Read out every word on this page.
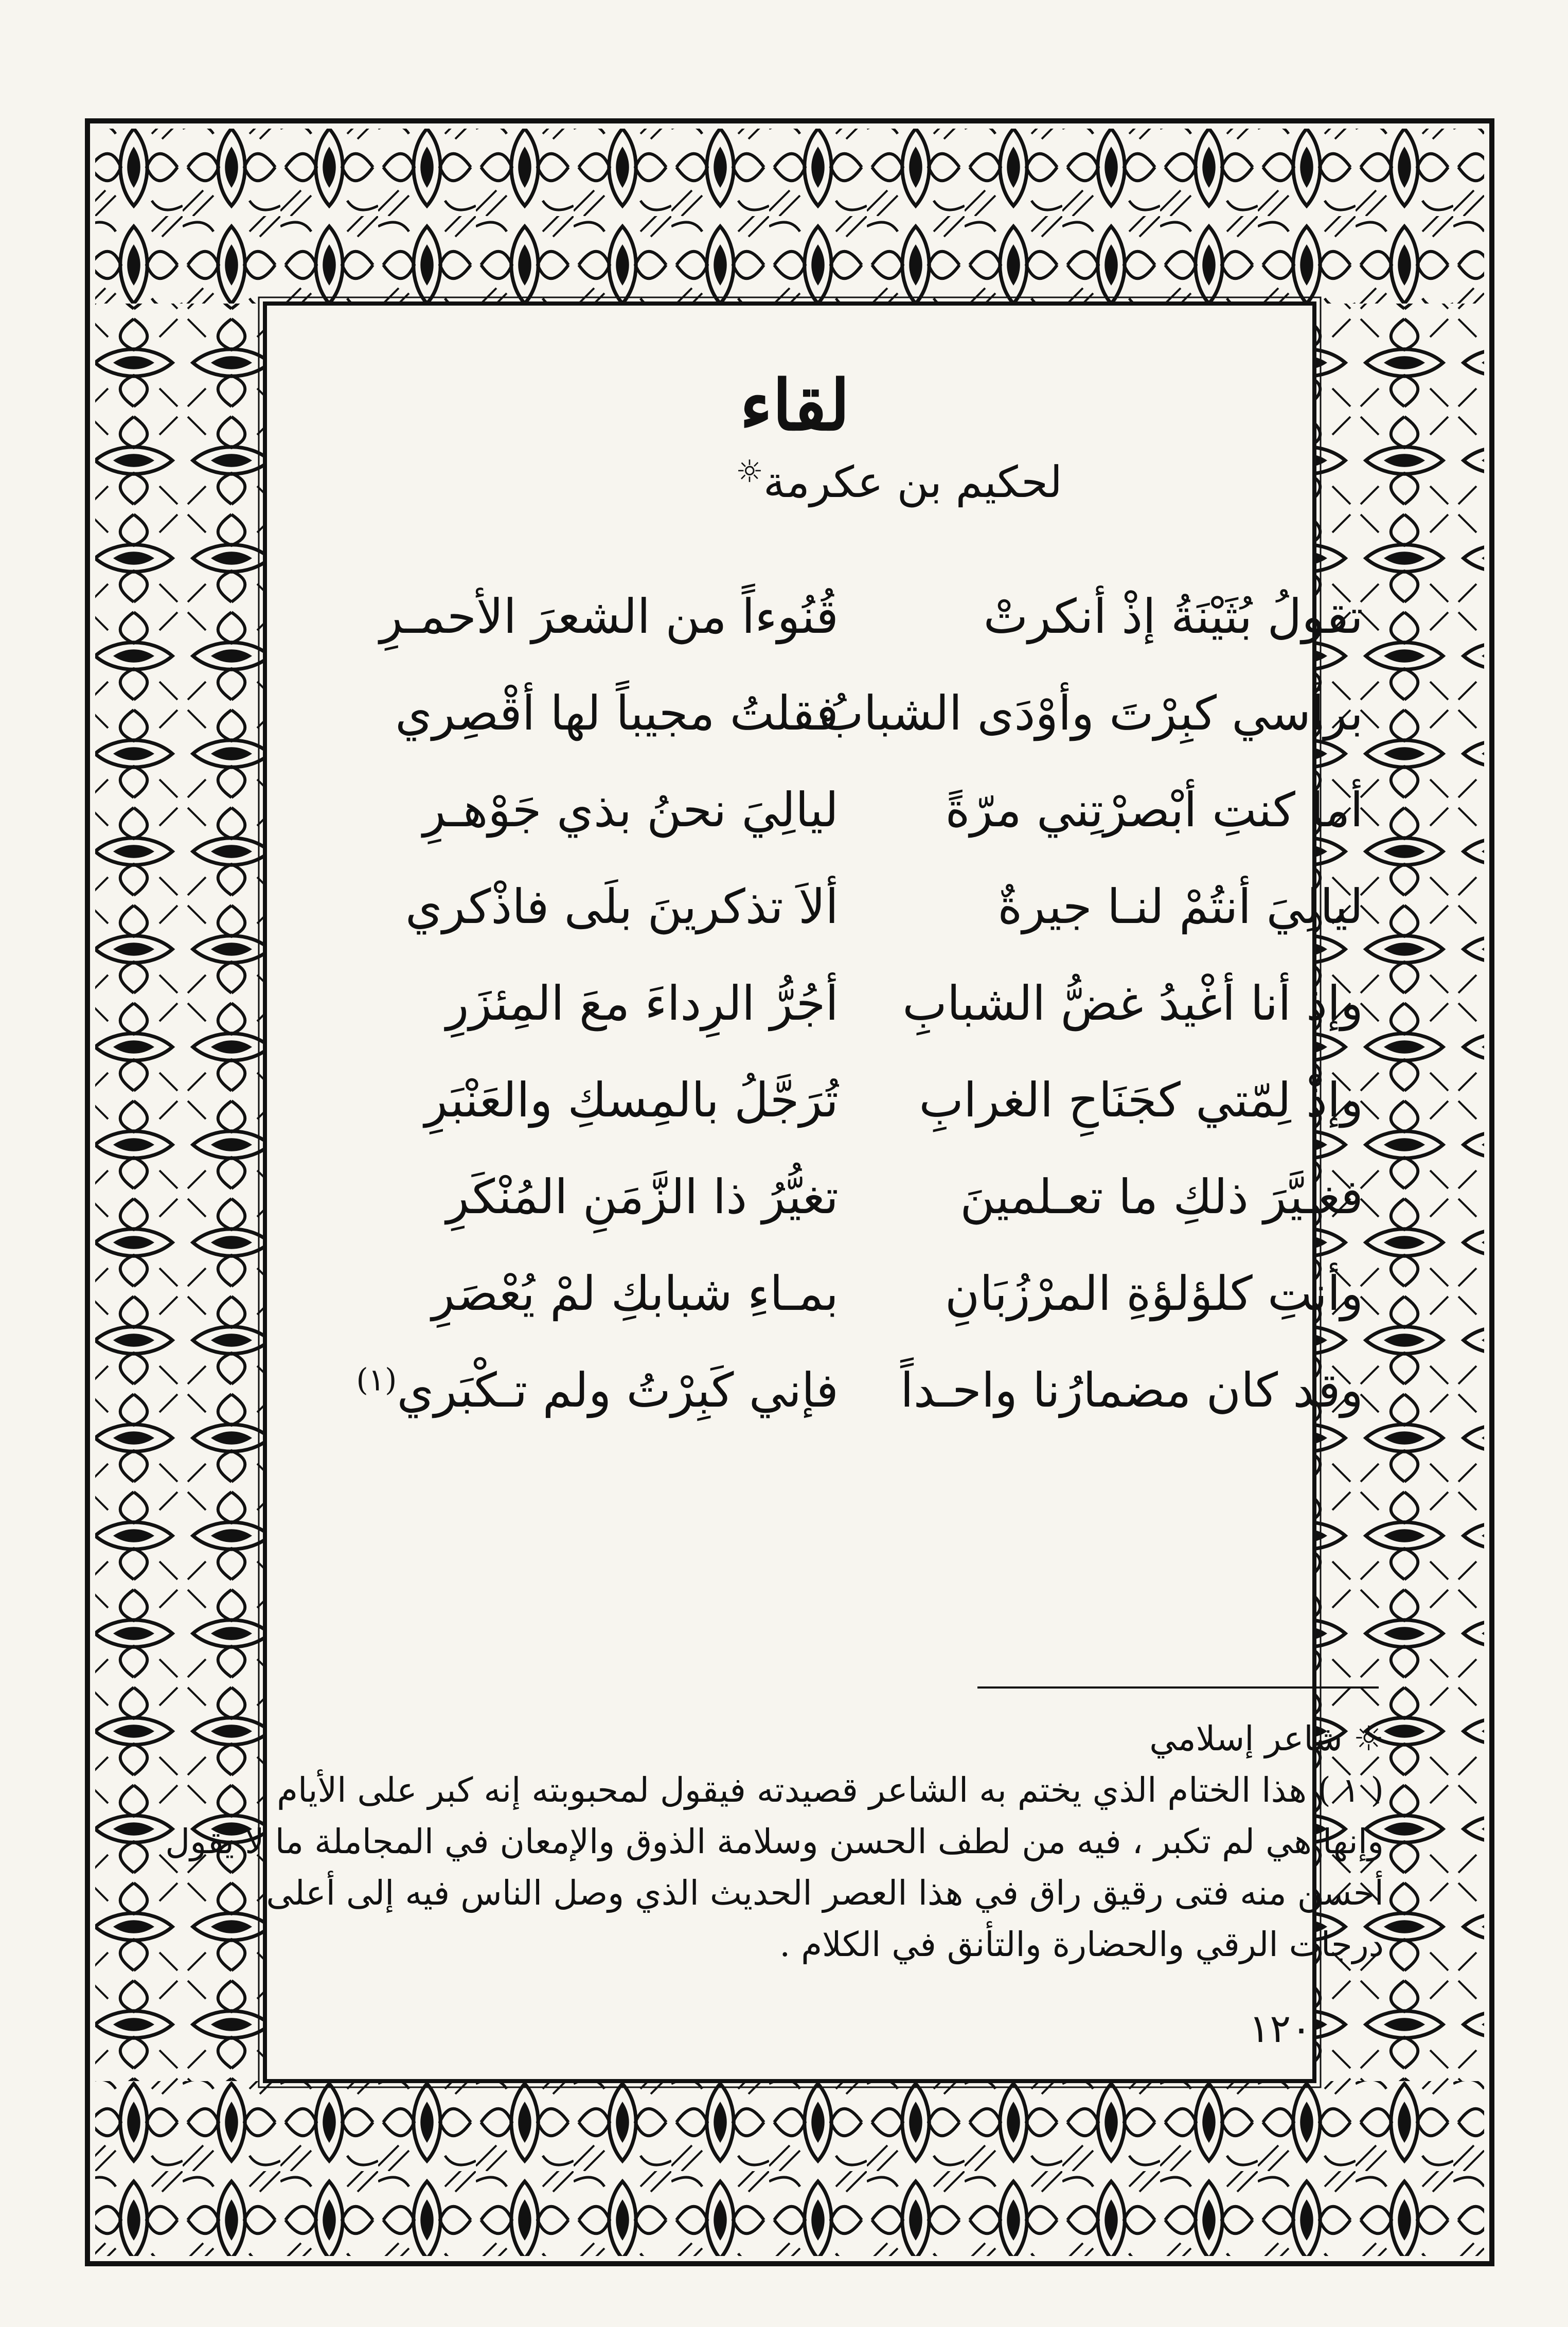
لقاء
لحكيم بن عكرمة☼
تقولُ بُثَيْنَةُ إذْ أنكرتْ
قُنُوءاً من الشعرَ الأحمـرِ
برأسي كبِرْتَ وأوْدَى الشبابُ
فقلتُ مجيباً لها أقْصِري
أما كنتِ أبْصرْتِني مرّةً
ليالِيَ نحنُ بذي جَوْهـرِ
ليالِيَ أنتُمْ لنـا جيرةٌ
ألاَ تذكرينَ بلَى فاذْكري
وإذ أنا أغْيدُ غضُّ الشبابِ
أجُرُّ الرِداءَ معَ المِئزَرِ
وإذْ لِمّتي كجَنَاحِ الغرابِ
تُرَجَّلُ بالمِسكِ والعَنْبَرِ
فغـيَّرَ ذلكِ ما تعـلمينَ
تغيُّرُ ذا الزَّمَنِ المُنْكَرِ
وأنتِ كلؤلؤةِ المرْزُبَانِ
بمـاءِ شبابكِ لمْ يُعْصَرِ
وقد كان مضمارُنا واحـداً
فإني كَبِرْتُ ولم تـكْبَري$^{(١)}$

☼ شاعر إسلامي

( ١ ) هذا الختام الذي يختم به الشاعر قصيدته فيقول لمحبوبته إنه كبر على الأيام

وإنها هي لم تكبر ، فيه من لطف الحسن وسلامة الذوق والإمعان في المجاملة ما لا يقول

أحسن منه فتى رقيق راق في هذا العصر الحديث الذي وصل الناس فيه إلى أعلى

درجات الرقي والحضارة والتأنق في الكلام .

١٢٠
